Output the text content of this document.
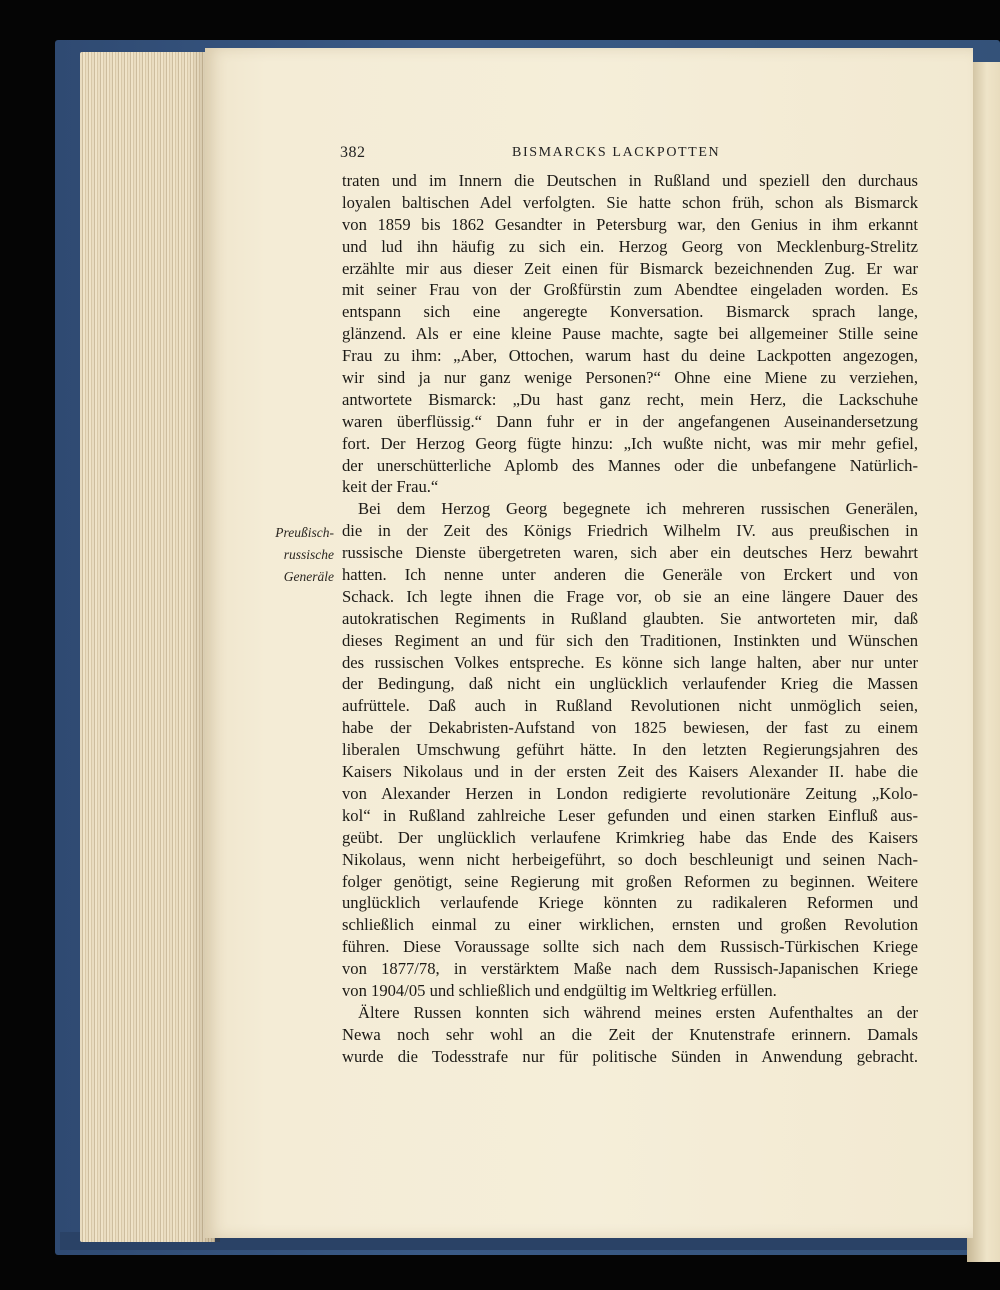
382	BISMARCKS LACKPOTTEN
Preußisch-
russische
Generäle
traten und im Innern die Deutschen in Rußland und speziell den durchaus
loyalen baltischen Adel verfolgten. Sie hatte schon früh, schon als Bismarck
von 1859 bis 1862 Gesandter in Petersburg war, den Genius in ihm erkannt
und lud ihn häufig zu sich ein. Herzog Georg von Mecklenburg-Strelitz
erzählte mir aus dieser Zeit einen für Bismarck bezeichnenden Zug. Er war
mit seiner Frau von der Großfürstin zum Abendtee eingeladen worden. Es
entspann sich eine angeregte Konversation. Bismarck sprach lange,
glänzend. Als er eine kleine Pause machte, sagte bei allgemeiner Stille seine
Frau zu ihm: „Aber, Ottochen, warum hast du deine Lackpotten angezogen,
wir sind ja nur ganz wenige Personen?“ Ohne eine Miene zu verziehen,
antwortete Bismarck: „Du hast ganz recht, mein Herz, die Lackschuhe
waren überflüssig.“ Dann fuhr er in der angefangenen Auseinandersetzung
fort. Der Herzog Georg fügte hinzu: „Ich wußte nicht, was mir mehr gefiel,
der unerschütterliche Aplomb des Mannes oder die unbefangene Natürlich-
keit der Frau.“
Bei dem Herzog Georg begegnete ich mehreren russischen Generälen,
die in der Zeit des Königs Friedrich Wilhelm IV. aus preußischen in
russische Dienste übergetreten waren, sich aber ein deutsches Herz bewahrt
hatten. Ich nenne unter anderen die Generäle von Erckert und von
Schack. Ich legte ihnen die Frage vor, ob sie an eine längere Dauer des
autokratischen Regiments in Rußland glaubten. Sie antworteten mir, daß
dieses Regiment an und für sich den Traditionen, Instinkten und Wünschen
des russischen Volkes entspreche. Es könne sich lange halten, aber nur unter
der Bedingung, daß nicht ein unglücklich verlaufender Krieg die Massen
aufrüttele. Daß auch in Rußland Revolutionen nicht unmöglich seien,
habe der Dekabristen-Aufstand von 1825 bewiesen, der fast zu einem
liberalen Umschwung geführt hätte. In den letzten Regierungsjahren des
Kaisers Nikolaus und in der ersten Zeit des Kaisers Alexander II. habe die
von Alexander Herzen in London redigierte revolutionäre Zeitung „Kolo-
kol“ in Rußland zahlreiche Leser gefunden und einen starken Einfluß aus-
geübt. Der unglücklich verlaufene Krimkrieg habe das Ende des Kaisers
Nikolaus, wenn nicht herbeigeführt, so doch beschleunigt und seinen Nach-
folger genötigt, seine Regierung mit großen Reformen zu beginnen. Weitere
unglücklich verlaufende Kriege könnten zu radikaleren Reformen und
schließlich einmal zu einer wirklichen, ernsten und großen Revolution
führen. Diese Voraussage sollte sich nach dem Russisch-Türkischen Kriege
von 1877/78, in verstärktem Maße nach dem Russisch-Japanischen Kriege
von 1904/05 und schließlich und endgültig im Weltkrieg erfüllen.
Ältere Russen konnten sich während meines ersten Aufenthaltes an der
Newa noch sehr wohl an die Zeit der Knutenstrafe erinnern. Damals
wurde die Todesstrafe nur für politische Sünden in Anwendung gebracht.
